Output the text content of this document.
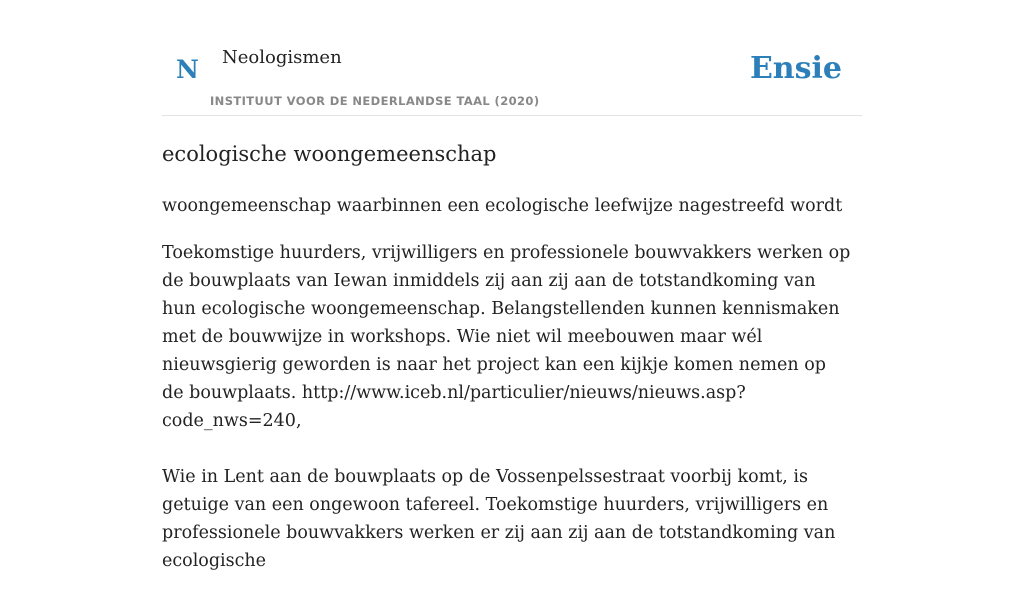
N Neologismen
INSTITUUT VOOR DE NEDERLANDSE TAAL (2020)
Ensie
ecologische woongemeenschap

woongemeenschap waarbinnen een ecologische leefwijze nagestreefd wordt

Toekomstige huurders, vrijwilligers en professionele bouwvakkers werken op de bouwplaats van Iewan inmiddels zij aan zij aan de totstandkoming van hun ecologische woongemeenschap. Belangstellenden kunnen kennismaken met de bouwwijze in workshops. Wie niet wil meebouwen maar wél nieuwsgierig geworden is naar het project kan een kijkje komen nemen op de bouwplaats. http://www.iceb.nl/particulier/nieuws/nieuws.asp?code_nws=240,

Wie in Lent aan de bouwplaats op de Vossenpelssestraat voorbij komt, is getuige van een ongewoon tafereel. Toekomstige huurders, vrijwilligers en professionele bouwvakkers werken er zij aan zij aan de totstandkoming van ecologische
